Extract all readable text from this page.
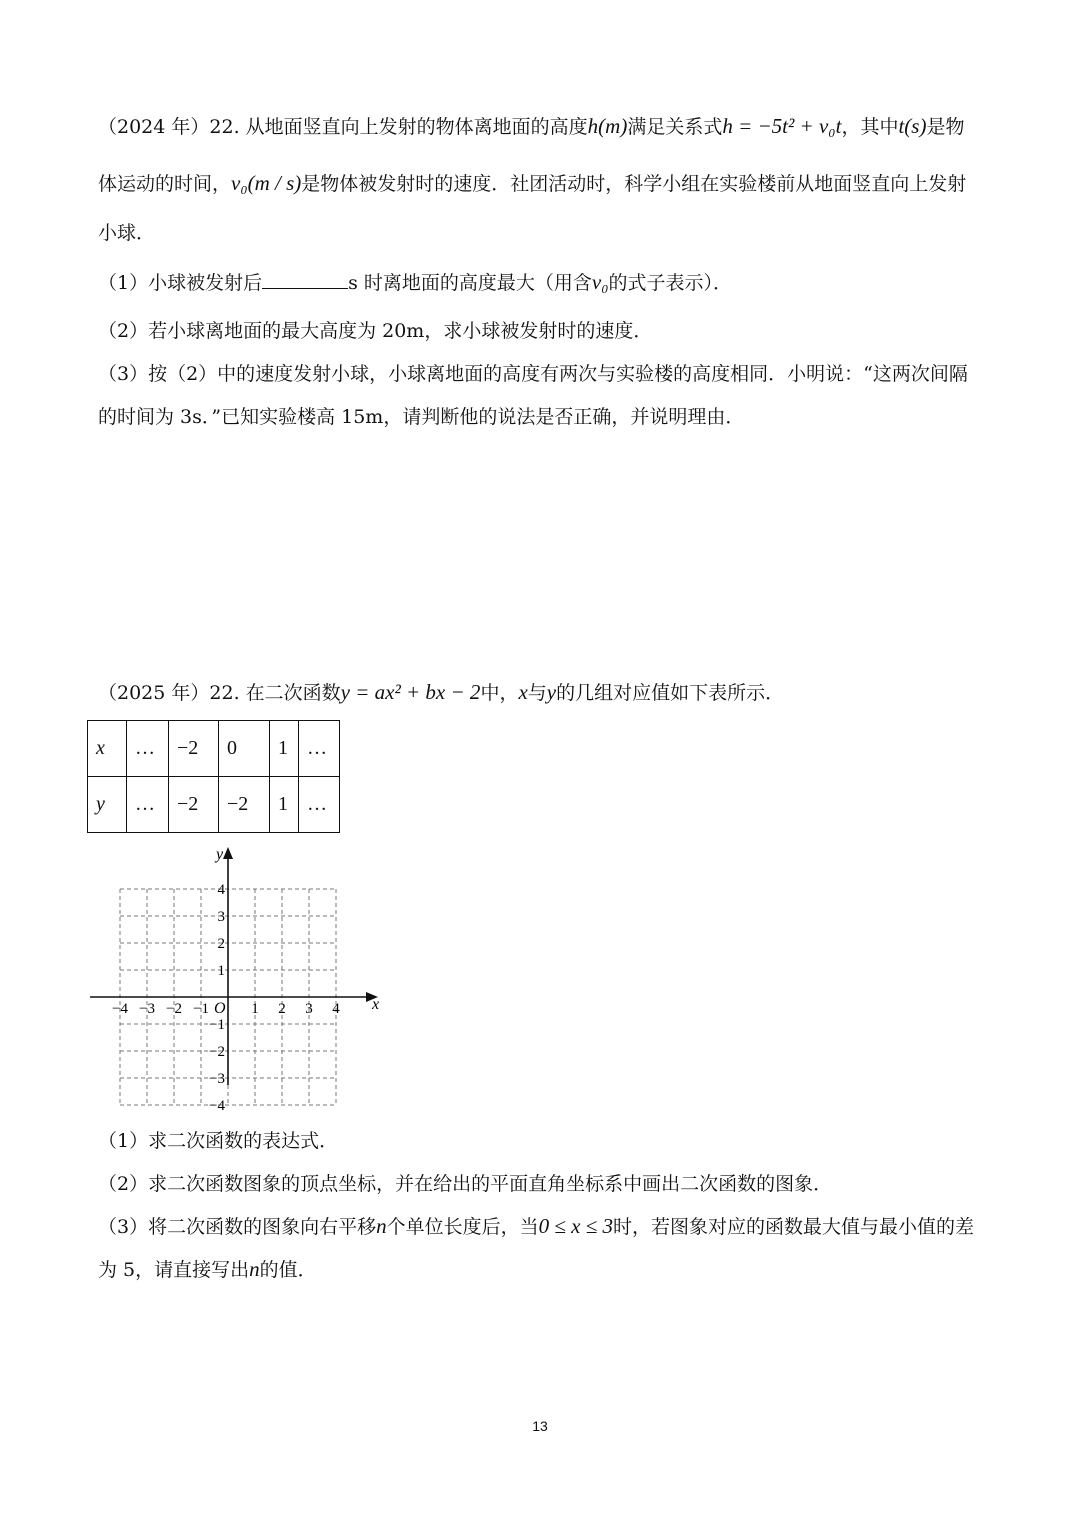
（2024 年）22. 从地面竖直向上发射的物体离地面的高度h(m)满足关系式h = −5t² + v₀t，其中t(s)是物
体运动的时间，v₀(m / s)是物体被发射时的速度．社团活动时，科学小组在实验楼前从地面竖直向上发射
小球．
（1）小球被发射后	s 时离地面的高度最大（用含v₀的式子表示）．
（2）若小球离地面的最大高度为 20m，求小球被发射时的速度．
（3）按（2）中的速度发射小球，小球离地面的高度有两次与实验楼的高度相同．小明说：“这两次间隔
的时间为 3s．”已知实验楼高 15m，请判断他的说法是否正确，并说明理由．
（2025 年）22. 在二次函数y = ax² + bx − 2中，x与y的几组对应值如下表所示．
x	…	−2	0	1	…
y	…	−2	−2	1	…
x
y
O
−4 −3 −2 −1	1 2 3 4
4
3
2
1
−1
−2
−3
−4
（1）求二次函数的表达式．
（2）求二次函数图象的顶点坐标，并在给出的平面直角坐标系中画出二次函数的图象．
（3）将二次函数的图象向右平移n个单位长度后，当0 ≤ x ≤ 3时，若图象对应的函数最大值与最小值的差
为 5，请直接写出n的值．
13
